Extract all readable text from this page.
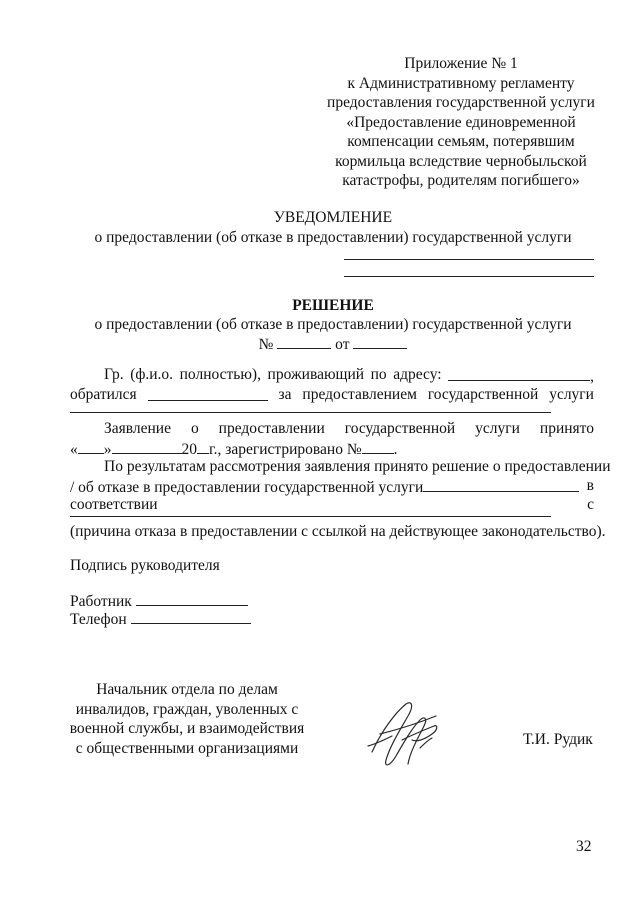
Приложение № 1
к Административному регламенту
предоставления государственной услуги
«Предоставление единовременной
компенсации семьям, потерявшим
кормильца вследствие чернобыльской
катастрофы, родителям погибшего»
УВЕДОМЛЕНИЕ
о предоставлении (об отказе в предоставлении) государственной услуги
РЕШЕНИЕ
о предоставлении (об отказе в предоставлении) государственной услуги
№	от
Гр. (ф.и.о. полностью), проживающий по адресу:	,
обратился	за предоставлением государственной услуги
Заявление о предоставлении государственной услуги принято
« »	20 г., зарегистрировано № .
По результатам рассмотрения заявления принято решение о предоставлении
/ об отказе в предоставлении государственной услуги	в
соответствии	с
(причина отказа в предоставлении с ссылкой на действующее законодательство).
Подпись руководителя
Работник
Телефон
Начальник отдела по делам
инвалидов, граждан, уволенных с
военной службы, и взаимодействия
с общественными организациями	Т.И. Рудик
32
